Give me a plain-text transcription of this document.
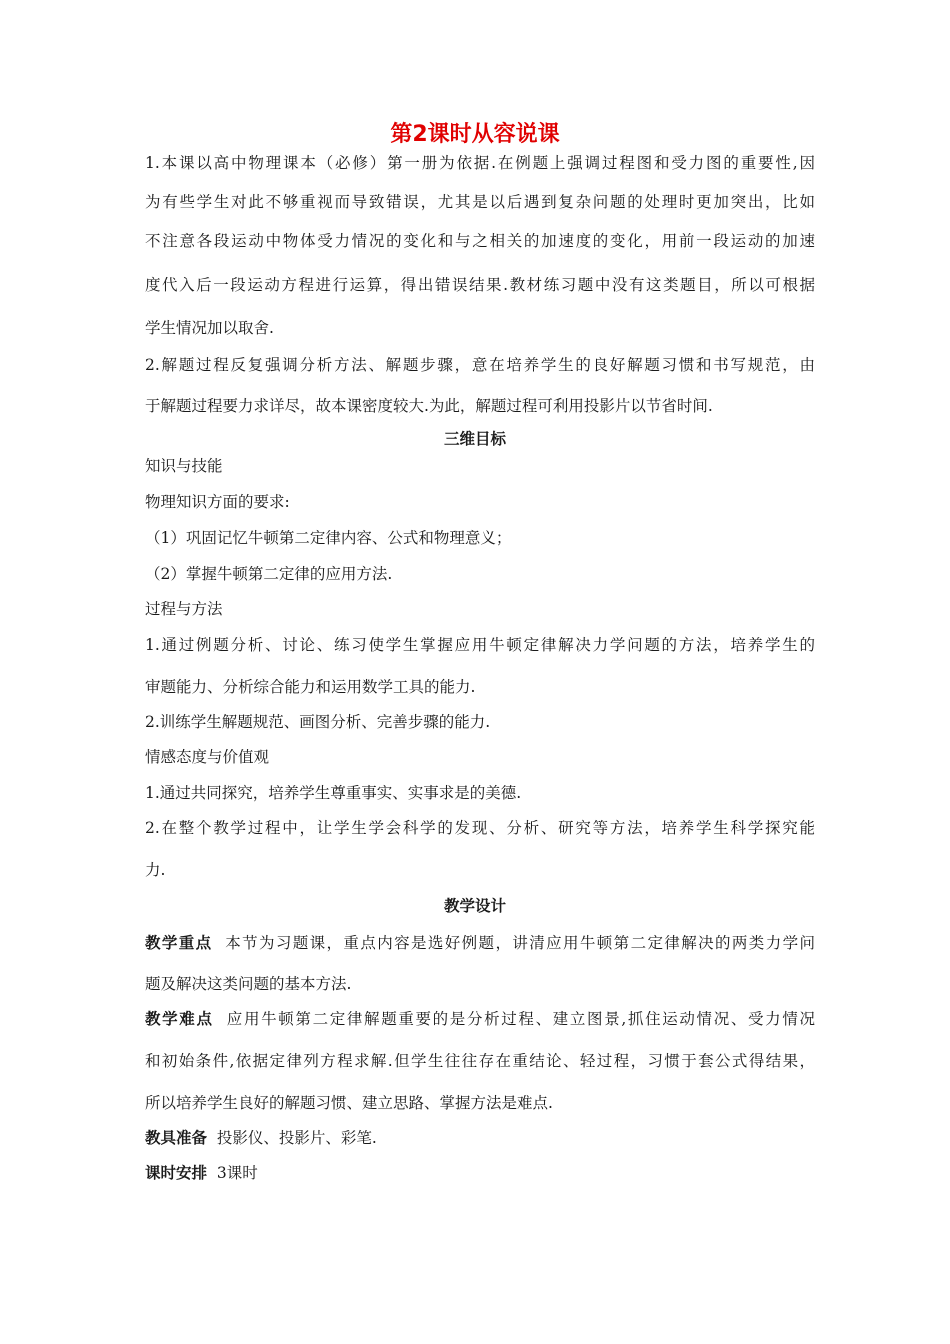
第2课时从容说课
1.本课以高中物理课本（必修）第一册为依据.在例题上强调过程图和受力图的重要性,因
为有些学生对此不够重视而导致错误，尤其是以后遇到复杂问题的处理时更加突出，比如
不注意各段运动中物体受力情况的变化和与之相关的加速度的变化，用前一段运动的加速
度代入后一段运动方程进行运算，得出错误结果.教材练习题中没有这类题目，所以可根据
学生情况加以取舍.
2.解题过程反复强调分析方法、解题步骤，意在培养学生的良好解题习惯和书写规范，由
于解题过程要力求详尽，故本课密度较大.为此，解题过程可利用投影片以节省时间.
三维目标
知识与技能
物理知识方面的要求:
（1）巩固记忆牛顿第二定律内容、公式和物理意义；
（2）掌握牛顿第二定律的应用方法.
过程与方法
1.通过例题分析、讨论、练习使学生掌握应用牛顿定律解决力学问题的方法，培养学生的
审题能力、分析综合能力和运用数学工具的能力.
2.训练学生解题规范、画图分析、完善步骤的能力.
情感态度与价值观
1.通过共同探究，培养学生尊重事实、实事求是的美德.
2.在整个教学过程中，让学生学会科学的发现、分析、研究等方法，培养学生科学探究能
力.
教学设计
教学重点 本节为习题课，重点内容是选好例题，讲清应用牛顿第二定律解决的两类力学问
题及解决这类问题的基本方法.
教学难点 应用牛顿第二定律解题重要的是分析过程、建立图景,抓住运动情况、受力情况
和初始条件,依据定律列方程求解.但学生往往存在重结论、轻过程，习惯于套公式得结果，
所以培养学生良好的解题习惯、建立思路、掌握方法是难点.
教具准备 投影仪、投影片、彩笔.
课时安排 3课时
